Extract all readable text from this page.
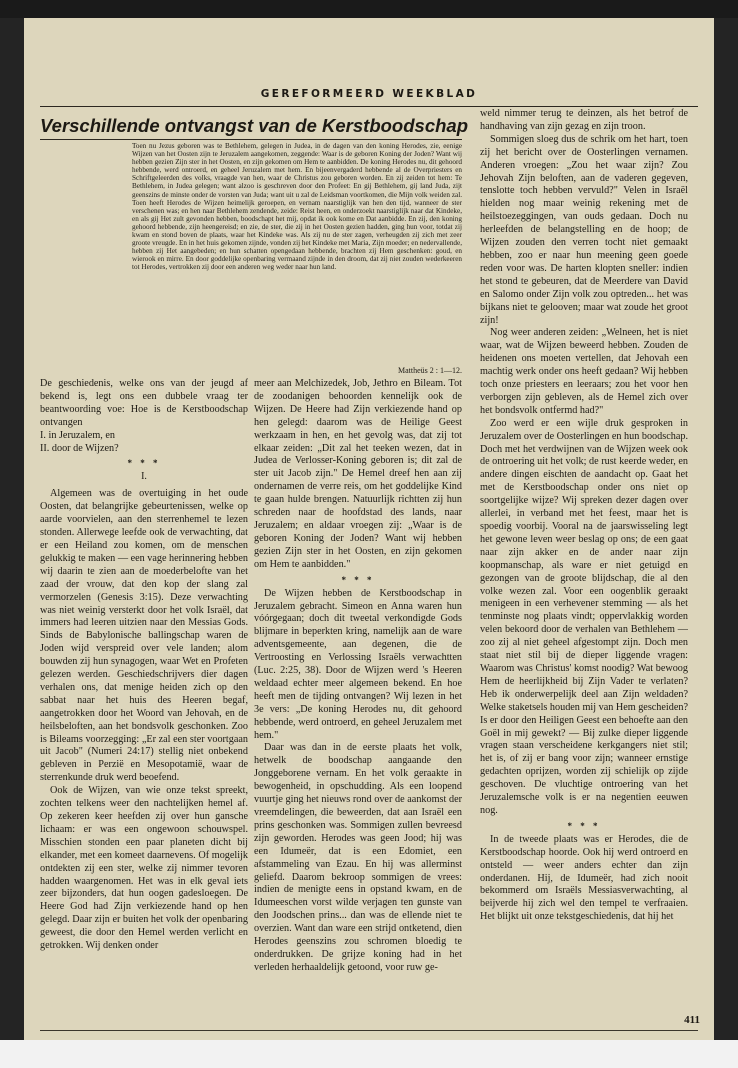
GEREFORMEERD WEEKBLAD
Verschillende ontvangst van de Kerstboodschap
Toen nu Jezus geboren was te Bethlehem, gelegen in Judea, in de dagen van den koning Herodes, zie, eenige Wijzen van het Oosten zijn te Jeruzalem aangekomen, zeggende: Waar is de geboren Koning der Joden? Want wij hebben gezien Zijn ster in het Oosten, en zijn gekomen om Hem te aanbidden. De koning Herodes nu, dit gehoord hebbende, werd ontroerd, en geheel Jeruzalem met hem. En bijeenvergaderd hebbende al de Overpriesters en Schriftgeleerden des volks, vraagde van hen, waar de Christus zou geboren worden. En zij zeiden tot hem: Te Bethlehem, in Judea gelegen; want alzoo is geschreven door den Profeet: En gij Bethlehem, gij land Juda, zijt geenszins de minste onder de vorsten van Juda; want uit u zal de Leidsman voortkomen, die Mijn volk weiden zal. Toen heeft Herodes de Wijzen heimelijk geroepen, en vernam naarstiglijk van hen den tijd, wanneer de ster verschenen was; en hen naar Bethlehem zendende, zeide: Reist heen, en onderzoekt naarstiglijk naar dat Kindeke, en als gij Het zult gevonden hebben, boodschapt het mij, opdat ik ook kome en Dat aanbidde. En zij, den koning gehoord hebbende, zijn heengereisd; en zie, de ster, die zij in het Oosten gezien hadden, ging hun voor, totdat zij kwam en stond boven de plaats, waar het Kindeke was. Als zij nu de ster zagen, verheugden zij zich met zeer groote vreugde. En in het huis gekomen zijnde, vonden zij het Kindeke met Maria, Zijn moeder; en nedervallende, hebben zij Het aangebeden; en hun schatten opengedaan hebbende, brachten zij Hem geschenken: goud, en wierook en mirre. En door goddelijke openbaring vermaand zijnde in den droom, dat zij niet zouden wederkeeren tot Herodes, vertrokken zij door een anderen weg weder naar hun land.
Mattheüs 2 : 1—12.

De geschiedenis, welke ons van der jeugd af bekend is, legt ons een dubbele vraag ter beantwoording voe: Hoe is de Kerstboodschap ontvangen

I. in Jeruzalem, en

II. door de Wijzen?

* * *
I.

Algemeen was de overtuiging in het oude Oosten, dat belangrijke gebeurtenissen, welke op aarde voorvielen, aan den sterrenhemel te lezen stonden. Allerwege leefde ook de verwachting, dat er een Heiland zou komen, om de menschen gelukkig te maken — een vage herinnering hebben wij daarin te zien aan de moederbelofte van het zaad der vrouw, dat den kop der slang zal vermorzelen (Genesis 3:15). Deze verwachting was niet weinig versterkt door het volk Israël, dat immers had leeren uitzien naar den Messias Gods. Sinds de Babylonische ballingschap waren de Joden wijd verspreid over vele landen; alom bouwden zij hun synagogen, waar Wet en Profeten gelezen werden. Geschiedschrijvers dier dagen verhalen ons, dat menige heiden zich op den sabbat naar het huis des Heeren begaf, aangetrokken door het Woord van Jehovah, en de heilsbeloften, aan het bondsvolk geschonken. Zoo is Bileams voorzegging: „Er zal een ster voortgaan uit Jacob" (Numeri 24:17) stellig niet onbekend gebleven in Perzië en Mesopotamië, waar de sterrenkunde druk werd beoefend.

Ook de Wijzen, van wie onze tekst spreekt, zochten telkens weer den nachtelijken hemel af. Op zekeren keer heefden zij over hun gansche lichaam: er was een ongewoon schouwspel. Misschien stonden een paar planeten dicht bij elkander, met een komeet daarnevens. Of mogelijk ontdekten zij een ster, welke zij nimmer tevoren hadden waargenomen. Het was in elk geval iets zeer bijzonders, dat hun oogen gadesloegen. De Heere God had Zijn verkiezende hand op hen gelegd. Daar zijn er buiten het volk der openbaring geweest, die door den Hemel werden verlicht en getrokken. Wij denken onder

meer aan Melchizedek, Job, Jethro en Bileam. Tot de zoodanigen behoorden kennelijk ook de Wijzen. De Heere had Zijn verkiezende hand op hen gelegd: daarom was de Heilige Geest werkzaam in hen, en het gevolg was, dat zij tot elkaar zeiden: „Dit zal het teeken wezen, dat in Judea de Verlosser-Koning geboren is; dit zal de ster uit Jacob zijn." De Hemel dreef hen aan zij ondernamen de verre reis, om het goddelijke Kind te gaan hulde brengen. Natuurlijk richtten zij hun schreden naar de hoofdstad des lands, naar Jeruzalem; en aldaar vroegen zij: „Waar is de geboren Koning der Joden? Want wij hebben gezien Zijn ster in het Oosten, en zijn gekomen om Hem te aanbidden."

* * *

De Wijzen hebben de Kerstboodschap in Jeruzalem gebracht. Simeon en Anna waren hun vóórgegaan; doch dit tweetal verkondigde Gods blijmare in beperkten kring, namelijk aan de ware adventsgemeente, aan degenen, die de Vertroosting en Verlossing Israëls verwachtten (Luc. 2:25, 38). Door de Wijzen werd 's Heeren weldaad echter meer algemeen bekend. En hoe heeft men de tijding ontvangen? Wij lezen in het 3e vers: „De koning Herodes nu, dit gehoord hebbende, werd ontroerd, en geheel Jeruzalem met hem."

Daar was dan in de eerste plaats het volk, hetwelk de boodschap aangaande den Jonggeborene vernam. En het volk geraakte in bewogenheid, in opschudding. Als een loopend vuurtje ging het nieuws rond over de aankomst der vreemdelingen, die beweerden, dat aan Israël een prins geschonken was. Sommigen zullen bevreesd zijn geworden. Herodes was geen Jood; hij was een Idumeër, dat is een Edomiet, een afstammeling van Ezau. En hij was allerminst geliefd. Daarom bekroop sommigen de vrees: indien de menigte eens in opstand kwam, en de Idumeeschen vorst wilde verjagen ten gunste van den Joodschen prins... dan was de ellende niet te overzien. Want dan ware een strijd ontketend, dien Herodes geenszins zou schromen bloedig te onderdrukken. De grijze koning had in het verleden herhaaldelijk getoond, voor ruw ge-

weld nimmer terug te deinzen, als het betrof de handhaving van zijn gezag en zijn troon.

Sommigen sloeg dus de schrik om het hart, toen zij het bericht over de Oosterlingen vernamen. Anderen vroegen: „Zou het waar zijn? Zou Jehovah Zijn beloften, aan de vaderen gegeven, tenslotte toch hebben vervuld?" Velen in Israël hielden nog maar weinig rekening met de heilstoezeggingen, van ouds gedaan. Doch nu herleefden de belangstelling en de hoop; de Wijzen zouden den verren tocht niet gemaakt hebben, zoo er naar hun meening geen goede reden voor was. De harten klopten sneller: indien het stond te gebeuren, dat de Meerdere van David en Salomo onder Zijn volk zou optreden... het was bijkans niet te gelooven; maar wat zoude het groot zijn!

Nog weer anderen zeiden: „Welneen, het is niet waar, wat de Wijzen beweerd hebben. Zouden de heidenen ons moeten vertellen, dat Jehovah een machtig werk onder ons heeft gedaan? Wij hebben toch onze priesters en leeraars; zou het voor hen verborgen zijn gebleven, als de Hemel zich over het bondsvolk ontfermd had?"

Zoo werd er een wijle druk gesproken in Jeruzalem over de Oosterlingen en hun boodschap. Doch met het verdwijnen van de Wijzen week ook de ontroering uit het volk; de rust keerde weder, en andere dingen eischten de aandacht op. Gaat het met de Kerstboodschap onder ons niet op soortgelijke wijze? Wij spreken dezer dagen over allerlei, in verband met het feest, maar het is spoedig voorbij. Vooral na de jaarswisseling legt het gewone leven weer beslag op ons; de een gaat naar zijn akker en de ander naar zijn koopmanschap, als ware er niet getuigd en gezongen van de groote blijdschap, die al den volke wezen zal. Voor een oogenblik geraakt menigeen in een verhevener stemming — als het tenminste nog plaats vindt; oppervlakkig worden velen bekoord door de verhalen van Bethlehem — zoo zij al niet geheel afgestompt zijn. Doch men staat niet stil bij de dieper liggende vragen: Waarom was Christus' komst noodig? Wat bewoog Hem de heerlijkheid bij Zijn Vader te verlaten? Heb ik onderwerpelijk deel aan Zijn weldaden? Welke staketsels houden mij van Hem gescheiden? Is er door den Heiligen Geest een behoefte aan den Goël in mij gewekt? — Bij zulke dieper liggende vragen staan verscheidene kerkgangers niet stil; het is, of zij er bang voor zijn; wanneer ernstige gedachten oprijzen, worden zij schielijk op zijde geschoven. De vluchtige ontroering van het Jeruzalemsche volk is er na negentien eeuwen nog.

* * *

In de tweede plaats was er Herodes, die de Kerstboodschap hoorde. Ook hij werd ontroerd en ontsteld — weer anders echter dan zijn onderdanen. Hij, de Idumeër, had zich nooit bekommerd om Israëls Messiasverwachting, al beijverde hij zich wel den tempel te verfraaien. Het blijkt uit onze tekstgeschiedenis, dat hij het

411
